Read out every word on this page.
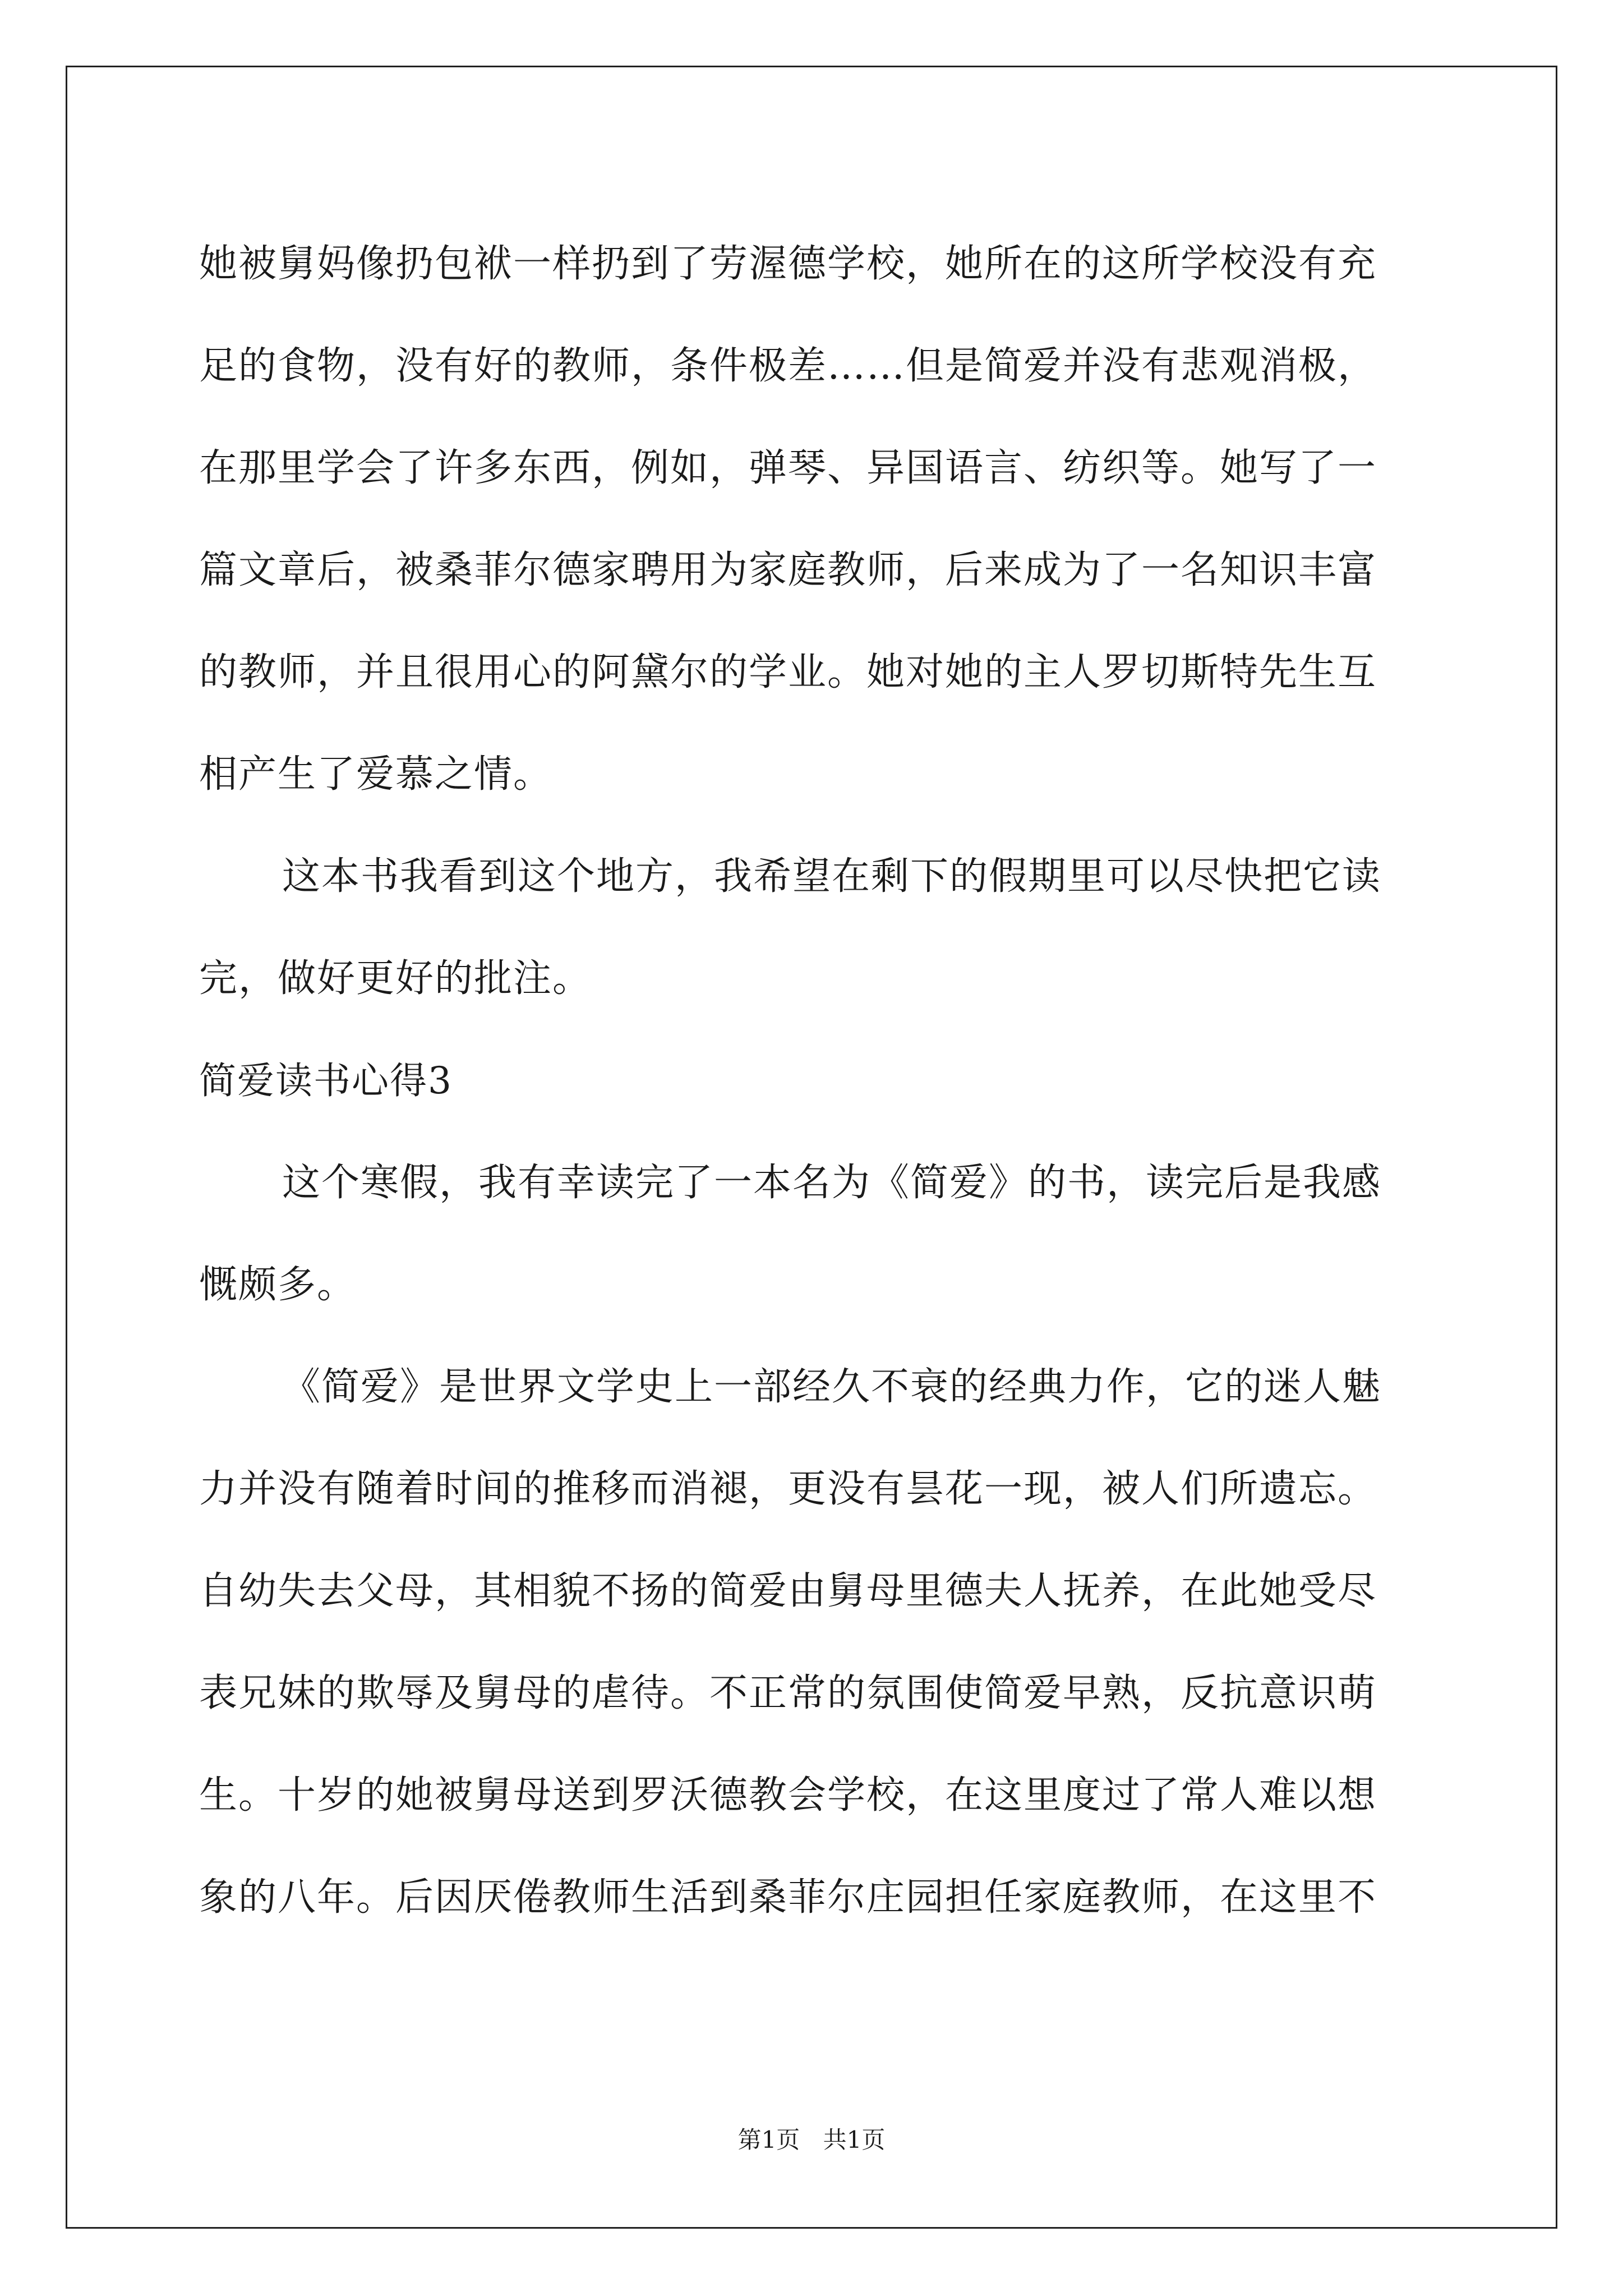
她被舅妈像扔包袱一样扔到了劳渥德学校，她所在的这所学校没有充
足的食物，没有好的教师，条件极差……但是简爱并没有悲观消极，
在那里学会了许多东西，例如，弹琴、异国语言、纺织等。她写了一
篇文章后，被桑菲尔德家聘用为家庭教师，后来成为了一名知识丰富
的教师，并且很用心的阿黛尔的学业。她对她的主人罗切斯特先生互
相产生了爱慕之情。
这本书我看到这个地方，我希望在剩下的假期里可以尽快把它读
完，做好更好的批注。
简爱读书心得3
这个寒假，我有幸读完了一本名为《简爱》的书，读完后是我感
慨颇多。
《简爱》是世界文学史上一部经久不衰的经典力作，它的迷人魅
力并没有随着时间的推移而消褪，更没有昙花一现，被人们所遗忘。
自幼失去父母，其相貌不扬的简爱由舅母里德夫人抚养，在此她受尽
表兄妹的欺辱及舅母的虐待。不正常的氛围使简爱早熟，反抗意识萌
生。十岁的她被舅母送到罗沃德教会学校，在这里度过了常人难以想
象的八年。后因厌倦教师生活到桑菲尔庄园担任家庭教师，在这里不
第1页 共1页
